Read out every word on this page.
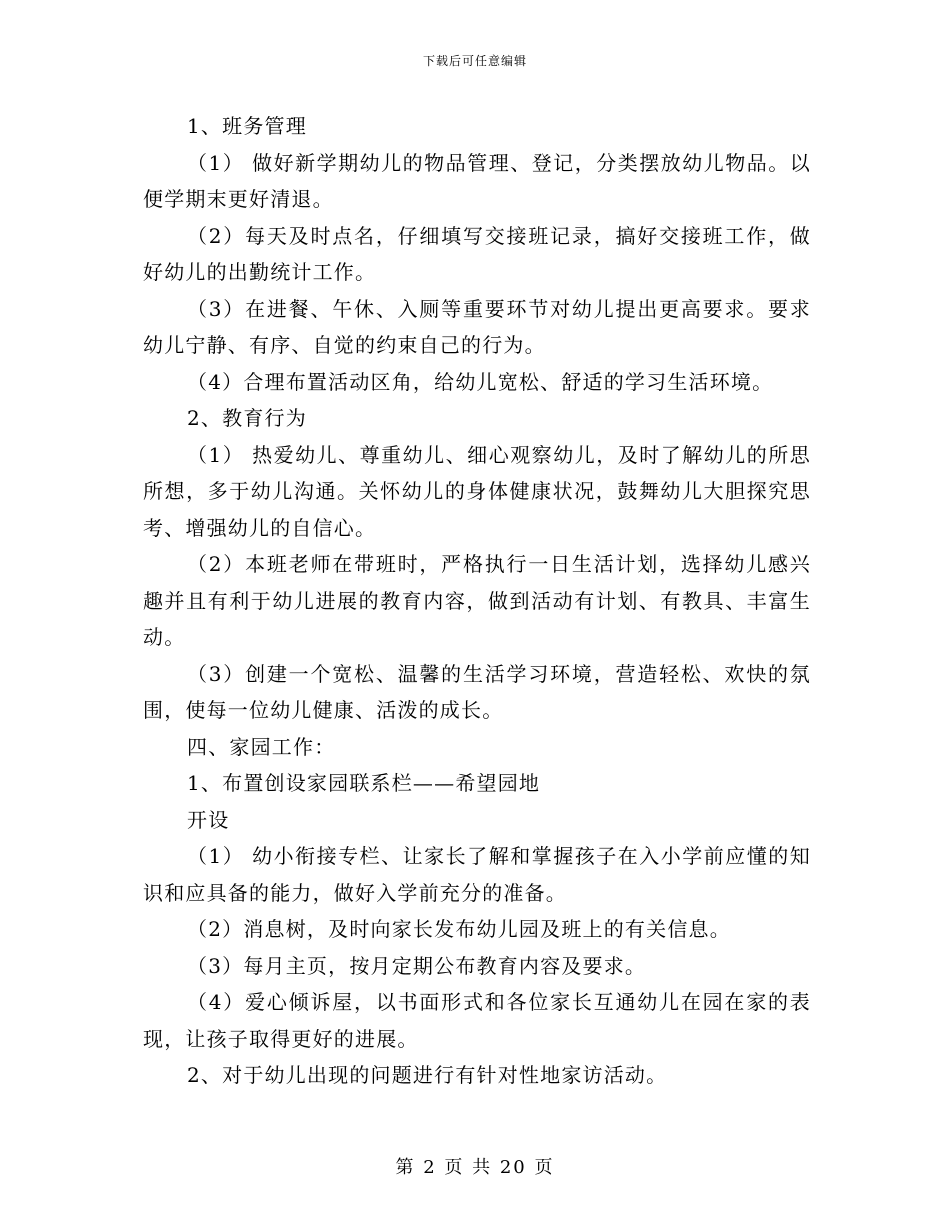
下载后可任意编辑

1、班务管理

（1） 做好新学期幼儿的物品管理、登记，分类摆放幼儿物品。以便学期末更好清退。

（2）每天及时点名，仔细填写交接班记录，搞好交接班工作，做好幼儿的出勤统计工作。

（3）在进餐、午休、入厕等重要环节对幼儿提出更高要求。要求幼儿宁静、有序、自觉的约束自己的行为。

（4）合理布置活动区角，给幼儿宽松、舒适的学习生活环境。

2、教育行为

（1） 热爱幼儿、尊重幼儿、细心观察幼儿，及时了解幼儿的所思所想，多于幼儿沟通。关怀幼儿的身体健康状况，鼓舞幼儿大胆探究思考、增强幼儿的自信心。

（2）本班老师在带班时，严格执行一日生活计划，选择幼儿感兴趣并且有利于幼儿进展的教育内容，做到活动有计划、有教具、丰富生动。

（3）创建一个宽松、温馨的生活学习环境，营造轻松、欢快的氛围，使每一位幼儿健康、活泼的成长。

四、家园工作：

1、布置创设家园联系栏——希望园地

开设

（1） 幼小衔接专栏、让家长了解和掌握孩子在入小学前应懂的知识和应具备的能力，做好入学前充分的准备。

（2）消息树，及时向家长发布幼儿园及班上的有关信息。

（3）每月主页，按月定期公布教育内容及要求。

（4）爱心倾诉屋，以书面形式和各位家长互通幼儿在园在家的表现，让孩子取得更好的进展。

2、对于幼儿出现的问题进行有针对性地家访活动。

第 2 页 共 20 页
